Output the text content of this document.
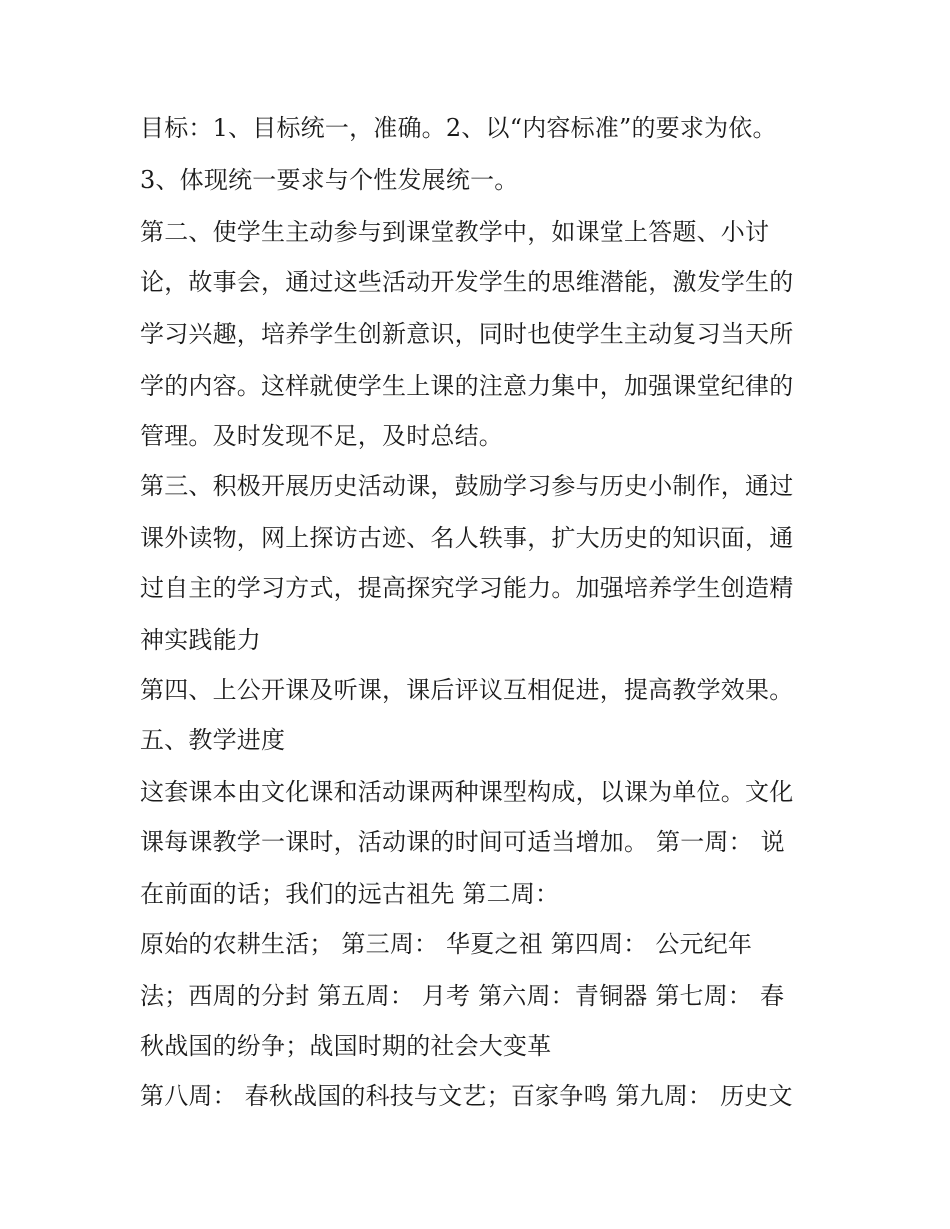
目标：1、目标统一，准确。2、以“内容标准”的要求为依。
3、体现统一要求与个性发展统一。
第二、使学生主动参与到课堂教学中，如课堂上答题、小讨
论，故事会，通过这些活动开发学生的思维潜能，激发学生的
学习兴趣，培养学生创新意识，同时也使学生主动复习当天所
学的内容。这样就使学生上课的注意力集中，加强课堂纪律的
管理。及时发现不足，及时总结。
第三、积极开展历史活动课，鼓励学习参与历史小制作，通过
课外读物，网上探访古迹、名人轶事，扩大历史的知识面，通
过自主的学习方式，提高探究学习能力。加强培养学生创造精
神实践能力
第四、上公开课及听课，课后评议互相促进，提高教学效果。
五、教学进度
这套课本由文化课和活动课两种课型构成，以课为单位。文化
课每课教学一课时，活动课的时间可适当增加。 第一周： 说
在前面的话；我们的远古祖先 第二周：
原始的农耕生活； 第三周： 华夏之祖 第四周： 公元纪年
法；西周的分封 第五周： 月考 第六周：青铜器 第七周： 春
秋战国的纷争；战国时期的社会大变革
第八周： 春秋战国的科技与文艺；百家争鸣 第九周： 历史文
